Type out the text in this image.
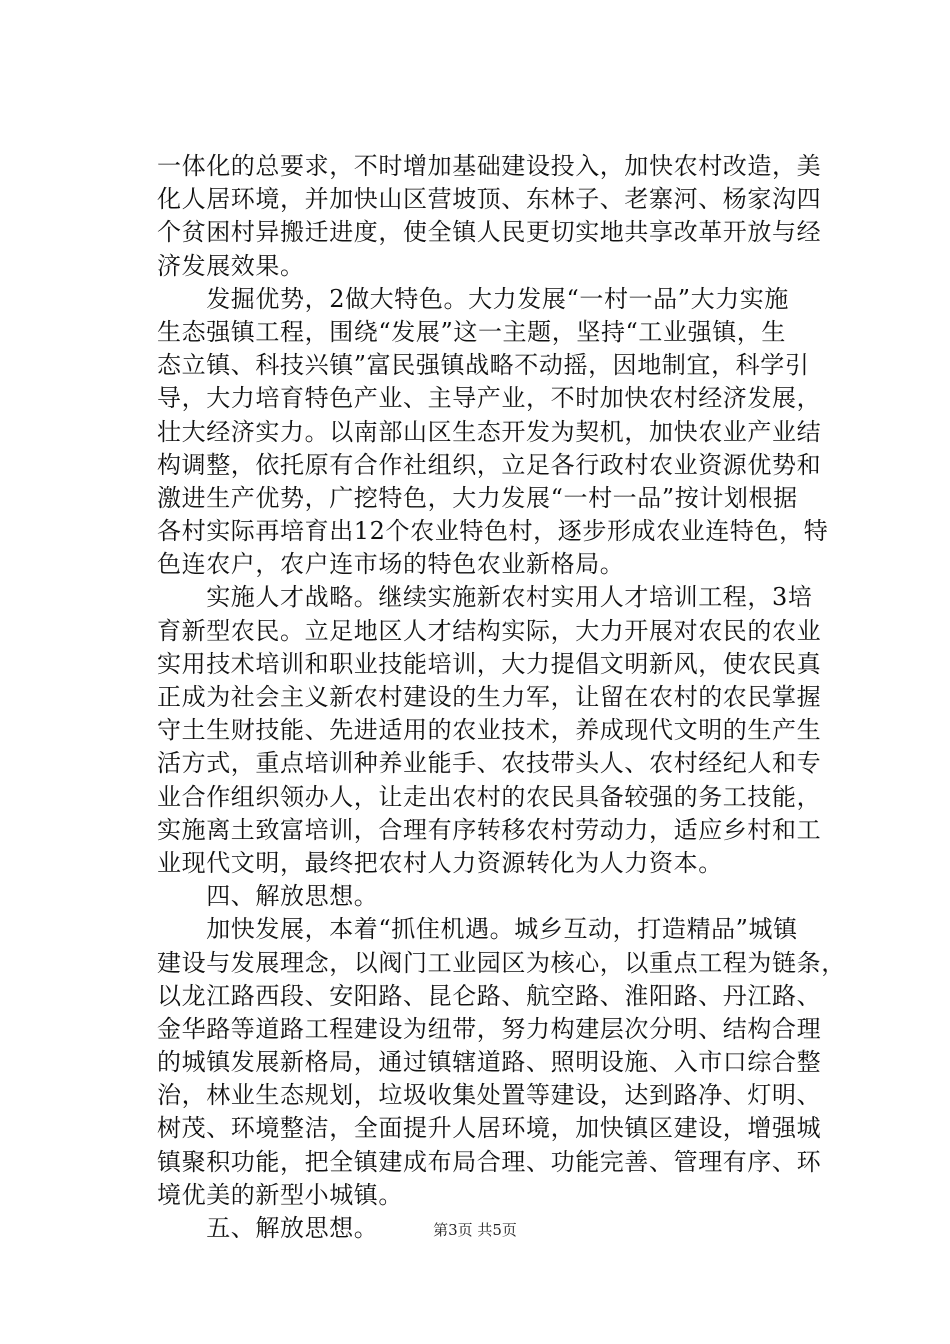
一体化的总要求，不时增加基础建设投入，加快农村改造，美
化人居环境，并加快山区营坡顶、东林子、老寨河、杨家沟四
个贫困村异搬迁进度，使全镇人民更切实地共享改革开放与经
济发展效果。
　　发掘优势，2做大特色。大力发展“一村一品”大力实施
生态强镇工程，围绕“发展”这一主题，坚持“工业强镇，生
态立镇、科技兴镇”富民强镇战略不动摇，因地制宜，科学引
导，大力培育特色产业、主导产业，不时加快农村经济发展，
壮大经济实力。以南部山区生态开发为契机，加快农业产业结
构调整，依托原有合作社组织，立足各行政村农业资源优势和
激进生产优势，广挖特色，大力发展“一村一品”按计划根据
各村实际再培育出12个农业特色村，逐步形成农业连特色，特
色连农户，农户连市场的特色农业新格局。
　　实施人才战略。继续实施新农村实用人才培训工程，3培
育新型农民。立足地区人才结构实际，大力开展对农民的农业
实用技术培训和职业技能培训，大力提倡文明新风，使农民真
正成为社会主义新农村建设的生力军，让留在农村的农民掌握
守土生财技能、先进适用的农业技术，养成现代文明的生产生
活方式，重点培训种养业能手、农技带头人、农村经纪人和专
业合作组织领办人，让走出农村的农民具备较强的务工技能，
实施离土致富培训，合理有序转移农村劳动力，适应乡村和工
业现代文明，最终把农村人力资源转化为人力资本。
　　四、解放思想。
　　加快发展，本着“抓住机遇。城乡互动，打造精品”城镇
建设与发展理念，以阀门工业园区为核心，以重点工程为链条，
以龙江路西段、安阳路、昆仑路、航空路、淮阳路、丹江路、
金华路等道路工程建设为纽带，努力构建层次分明、结构合理
的城镇发展新格局，通过镇辖道路、照明设施、入市口综合整
治，林业生态规划，垃圾收集处置等建设，达到路净、灯明、
树茂、环境整洁，全面提升人居环境，加快镇区建设，增强城
镇聚积功能，把全镇建成布局合理、功能完善、管理有序、环
境优美的新型小城镇。
　　五、解放思想。	第3页 共5页
